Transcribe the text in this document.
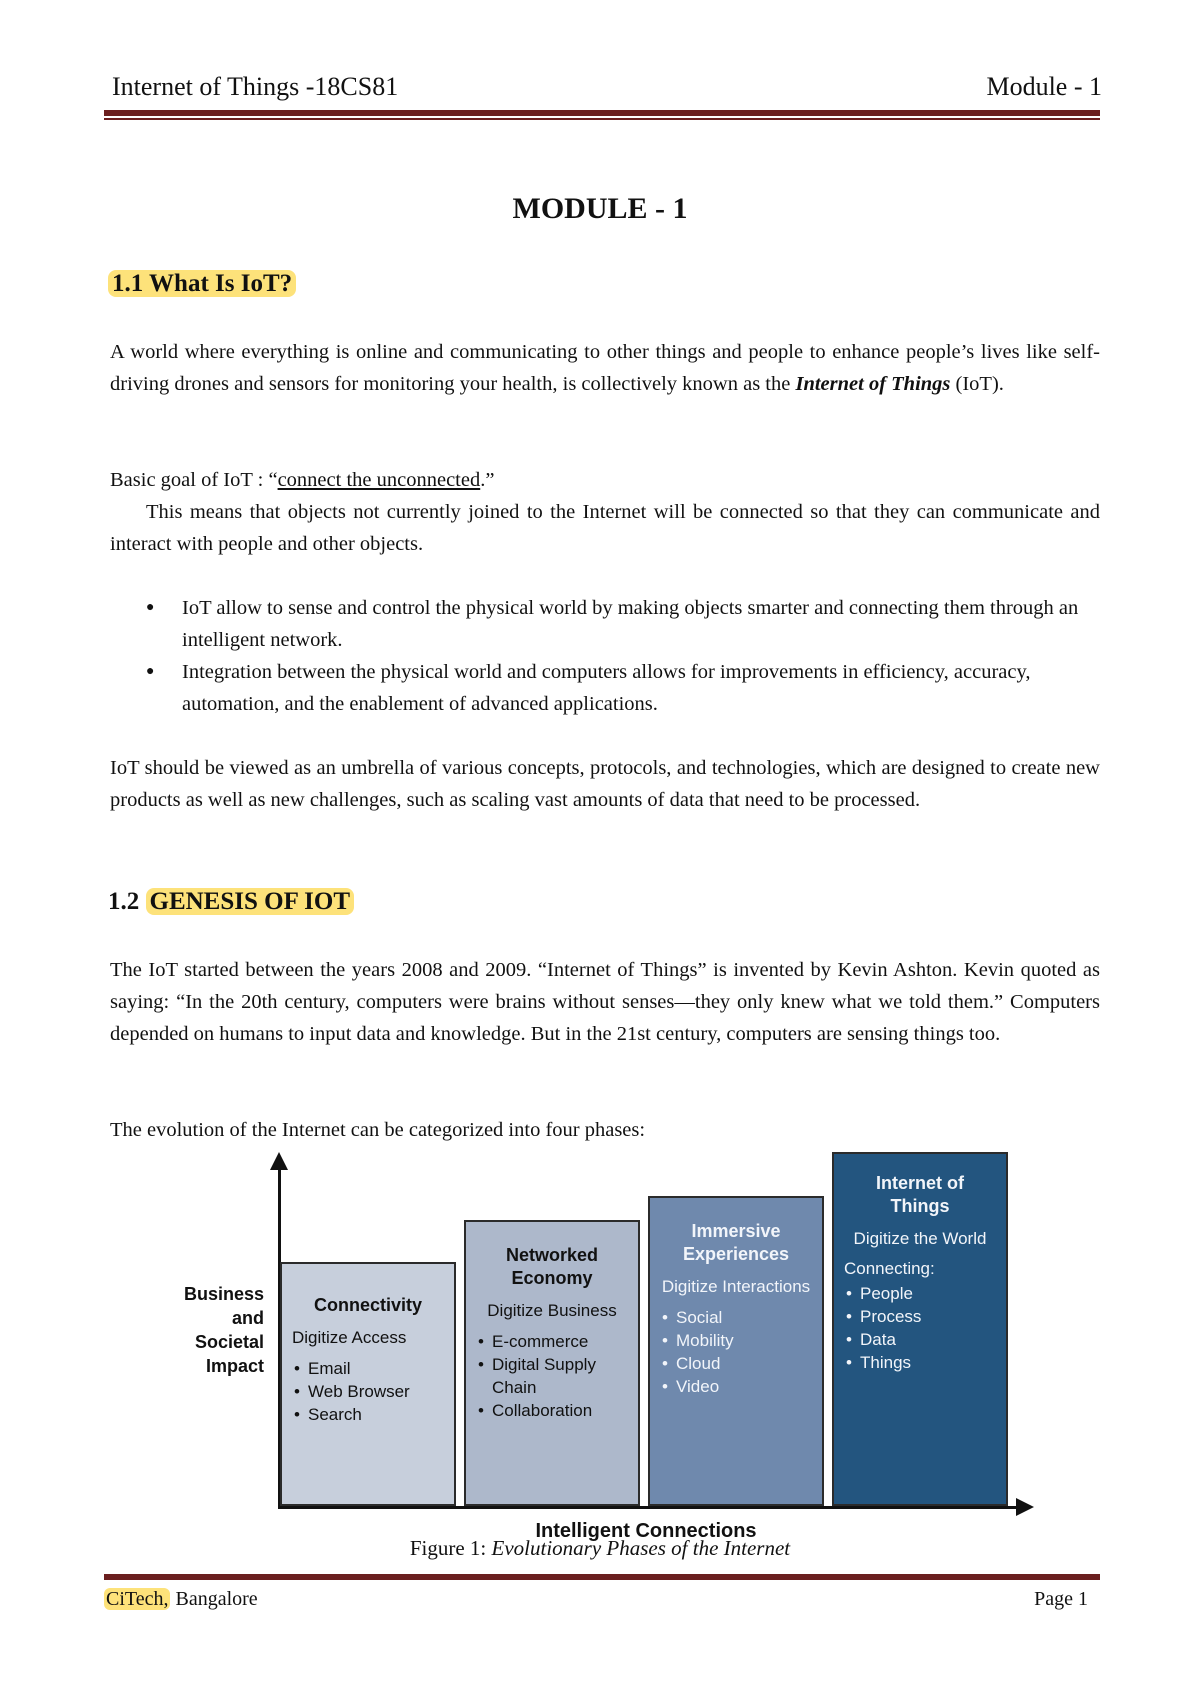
Internet of Things -18CS81	Module - 1
MODULE - 1
1.1 What Is IoT?
A world where everything is online and communicating to other things and people to enhance people’s lives like self-driving drones and sensors for monitoring your health, is collectively known as the Internet of Things (IoT).
Basic goal of IoT : “connect the unconnected.”
This means that objects not currently joined to the Internet will be connected so that they can communicate and interact with people and other objects.
● IoT allow to sense and control the physical world by making objects smarter and connecting them through an intelligent network.
● Integration between the physical world and computers allows for improvements in efficiency, accuracy, automation, and the enablement of advanced applications.
IoT should be viewed as an umbrella of various concepts, protocols, and technologies, which are designed to create new products as well as new challenges, such as scaling vast amounts of data that need to be processed.
1.2 GENESIS OF IOT
The IoT started between the years 2008 and 2009. “Internet of Things” is invented by Kevin Ashton. Kevin quoted as saying: “In the 20th century, computers were brains without senses—they only knew what we told them.” Computers depended on humans to input data and knowledge. But in the 21st century, computers are sensing things too.
The evolution of the Internet can be categorized into four phases:
Business
and
Societal
Impact
Connectivity
Digitize Access
• Email
• Web Browser
• Search
Networked Economy
Digitize Business
• E-commerce
• Digital Supply Chain
• Collaboration
Immersive Experiences
Digitize Interactions
• Social
• Mobility
• Cloud
• Video
Internet of Things
Digitize the World
Connecting:
• People
• Process
• Data
• Things
Intelligent Connections
Figure 1: Evolutionary Phases of the Internet
CiTech, Bangalore	Page 1
